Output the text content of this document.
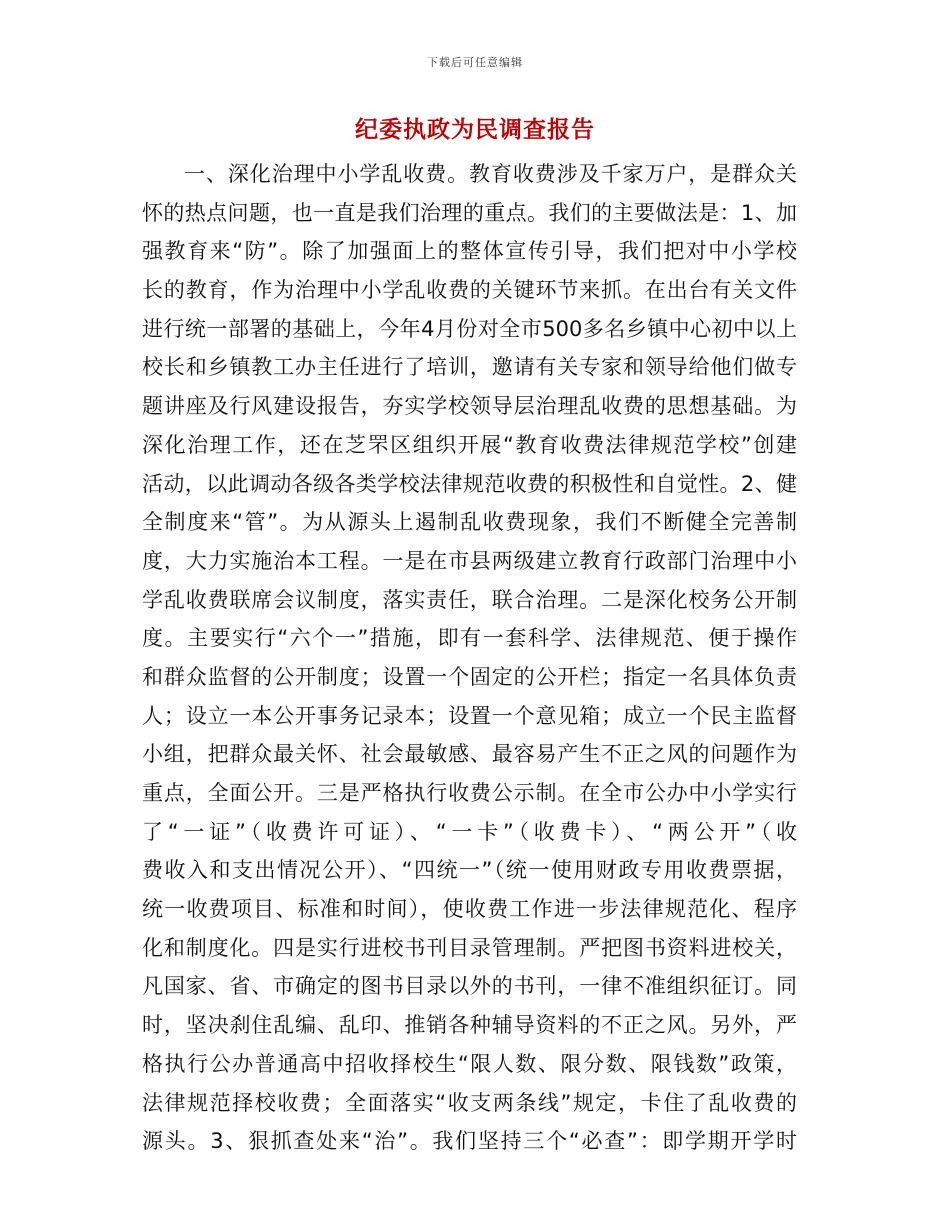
下载后可任意编辑
纪委执政为民调查报告
一、深化治理中小学乱收费。教育收费涉及千家万户，是群众关
怀的热点问题，也一直是我们治理的重点。我们的主要做法是：1、加
强教育来“防”。除了加强面上的整体宣传引导，我们把对中小学校
长的教育，作为治理中小学乱收费的关键环节来抓。在出台有关文件
进行统一部署的基础上，今年4月份对全市500多名乡镇中心初中以上
校长和乡镇教工办主任进行了培训，邀请有关专家和领导给他们做专
题讲座及行风建设报告，夯实学校领导层治理乱收费的思想基础。为
深化治理工作，还在芝罘区组织开展“教育收费法律规范学校”创建
活动，以此调动各级各类学校法律规范收费的积极性和自觉性。2、健
全制度来“管”。为从源头上遏制乱收费现象，我们不断健全完善制
度，大力实施治本工程。一是在市县两级建立教育行政部门治理中小
学乱收费联席会议制度，落实责任，联合治理。二是深化校务公开制
度。主要实行“六个一”措施，即有一套科学、法律规范、便于操作
和群众监督的公开制度；设置一个固定的公开栏；指定一名具体负责
人；设立一本公开事务记录本；设置一个意见箱；成立一个民主监督
小组，把群众最关怀、社会最敏感、最容易产生不正之风的问题作为
重点，全面公开。三是严格执行收费公示制。在全市公办中小学实行
了“一证”（收费许可证）、“一卡”（收费卡）、“两公开”（收
费收入和支出情况公开）、“四统一”（统一使用财政专用收费票据，
统一收费项目、标准和时间），使收费工作进一步法律规范化、程序
化和制度化。四是实行进校书刊目录管理制。严把图书资料进校关，
凡国家、省、市确定的图书目录以外的书刊，一律不准组织征订。同
时，坚决刹住乱编、乱印、推销各种辅导资料的不正之风。另外，严
格执行公办普通高中招收择校生“限人数、限分数、限钱数”政策，
法律规范择校收费；全面落实“收支两条线”规定，卡住了乱收费的
源头。3、狠抓查处来“治”。我们坚持三个“必查”：即学期开学时
